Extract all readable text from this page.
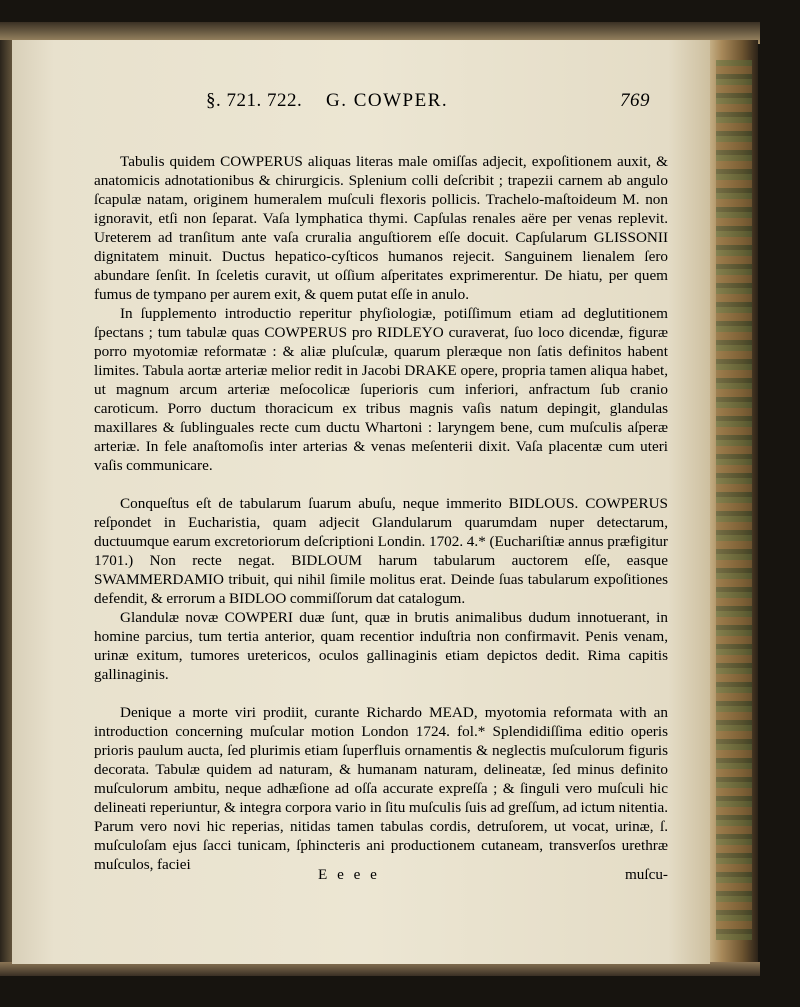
§. 721. 722. G. COWPER.	769

Tabulis quidem COWPERUS aliquas literas male omiſſas adjecit, expoſitionem auxit, & anatomicis adnotationibus & chirurgicis. Splenium colli deſcribit ; trapezii carnem ab angulo ſcapulæ natam, originem humeralem muſculi flexoris pollicis. Trachelo-maſtoideum M. non ignoravit, etſi non ſeparat. Vaſa lymphatica thymi. Capſulas renales aëre per venas replevit. Ureterem ad tranſitum ante vaſa cruralia anguſtiorem eſſe docuit. Capſularum GLISSONII dignitatem minuit. Ductus hepatico-cyſticos humanos rejecit. Sanguinem lienalem ſero abundare ſenſit. In ſceletis curavit, ut oſſium aſperitates exprimerentur. De hiatu, per quem fumus de tympano per aurem exit, & quem putat eſſe in anulo.

In ſupplemento introductio reperitur phyſiologiæ, potiſſimum etiam ad deglutitionem ſpectans ; tum tabulæ quas COWPERUS pro RIDLEYO curaverat, ſuo loco dicendæ, figuræ porro myotomiæ reformatæ : & aliæ pluſculæ, quarum pleræque non ſatis definitos habent limites. Tabula aortæ arteriæ melior redit in Jacobi DRAKE opere, propria tamen aliqua habet, ut magnum arcum arteriæ meſocolicæ ſuperioris cum inferiori, anfractum ſub cranio caroticum. Porro ductum thoracicum ex tribus magnis vaſis natum depingit, glandulas maxillares & ſublinguales recte cum ductu Whartoni : laryngem bene, cum muſculis aſperæ arteriæ. In fele anaſtomoſis inter arterias & venas meſenterii dixit. Vaſa placentæ cum uteri vaſis communicare.

Conqueſtus eſt de tabularum ſuarum abuſu, neque immerito BIDLOUS. COWPERUS reſpondet in Eucharistia, quam adjecit Glandularum quarumdam nuper detectarum, ductuumque earum excretoriorum deſcriptioni Londin. 1702. 4.* (Euchariſtiæ annus præfigitur 1701.) Non recte negat. BIDLOUM harum tabularum auctorem eſſe, easque SWAMMERDAMIO tribuit, qui nihil ſimile molitus erat. Deinde ſuas tabularum expoſitiones defendit, & errorum a BIDLOO commiſſorum dat catalogum.

Glandulæ novæ COWPERI duæ ſunt, quæ in brutis animalibus dudum innotuerant, in homine parcius, tum tertia anterior, quam recentior induſtria non confirmavit. Penis venam, urinæ exitum, tumores uretericos, oculos gallinaginis etiam depictos dedit. Rima capitis gallinaginis.

Denique a morte viri prodiit, curante Richardo MEAD, myotomia reformata with an introduction concerning muſcular motion London 1724. fol.* Splendidiſſima editio operis prioris paulum aucta, ſed plurimis etiam ſuperfluis ornamentis & neglectis muſculorum figuris decorata. Tabulæ quidem ad naturam, & humanam naturam, delineatæ, ſed minus definito muſculorum ambitu, neque adhæſione ad oſſa accurate expreſſa ; & ſinguli vero muſculi hic delineati reperiuntur, & integra corpora vario in ſitu muſculis ſuis ad greſſum, ad ictum nitentia. Parum vero novi hic reperias, nitidas tamen tabulas cordis, detruſorem, ut vocat, urinæ, ſ. muſculoſam ejus ſacci tunicam, ſphincteris ani productionem cutaneam, transverſos urethræ muſculos, faciei

E e e e	muſcu-
